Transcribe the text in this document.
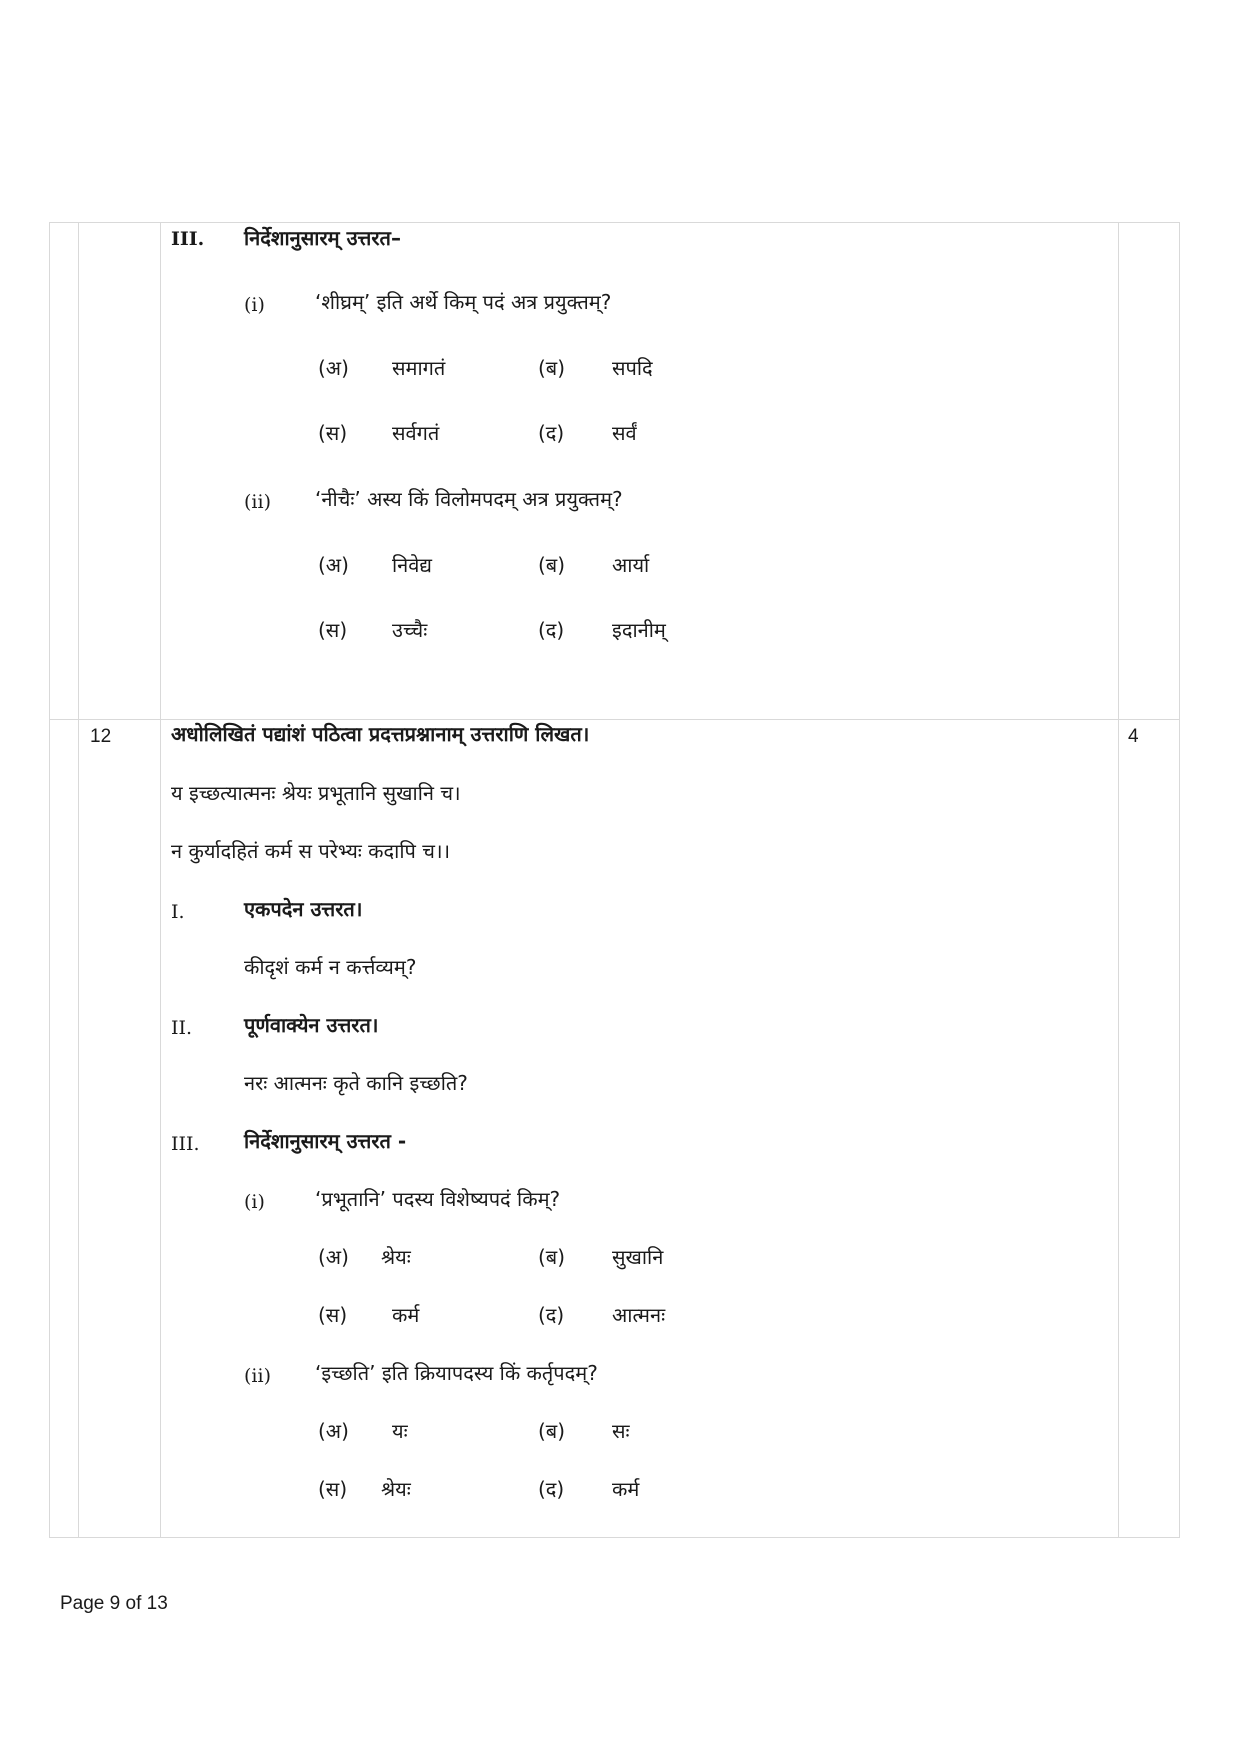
III. निर्देशानुसारम् उत्तरत–
(i)	‘शीघ्रम्’ इति अर्थे किम् पदं अत्र प्रयुक्तम्?
(अ) समागतं	(ब) सपदि
(स) सर्वगतं	(द) सर्वं
(ii) ‘नीचैः’ अस्य किं विलोमपदम् अत्र प्रयुक्तम्?
(अ) निवेद्य	(ब) आर्या
(स) उच्चैः	(द) इदानीम्
12	4
अधोलिखितं पद्यांशं पठित्वा प्रदत्तप्रश्नानाम् उत्तराणि लिखत।
य इच्छत्यात्मनः श्रेयः प्रभूतानि सुखानि च।
न कुर्यादहितं कर्म स परेभ्यः कदापि च।।
I.	एकपदेन उत्तरत।
कीदृशं कर्म न कर्त्तव्यम्?
II.	पूर्णवाक्येन उत्तरत।
नरः आत्मनः कृते कानि इच्छति?
III. निर्देशानुसारम् उत्तरत -
(i)	‘प्रभूतानि’ पदस्य विशेष्यपदं किम्?
(अ) श्रेयः	(ब) सुखानि
(स) कर्म	(द) आत्मनः
(ii) ‘इच्छति’ इति क्रियापदस्य किं कर्तृपदम्?
(अ) यः	(ब) सः
(स) श्रेयः	(द) कर्म
Page 9 of 13
